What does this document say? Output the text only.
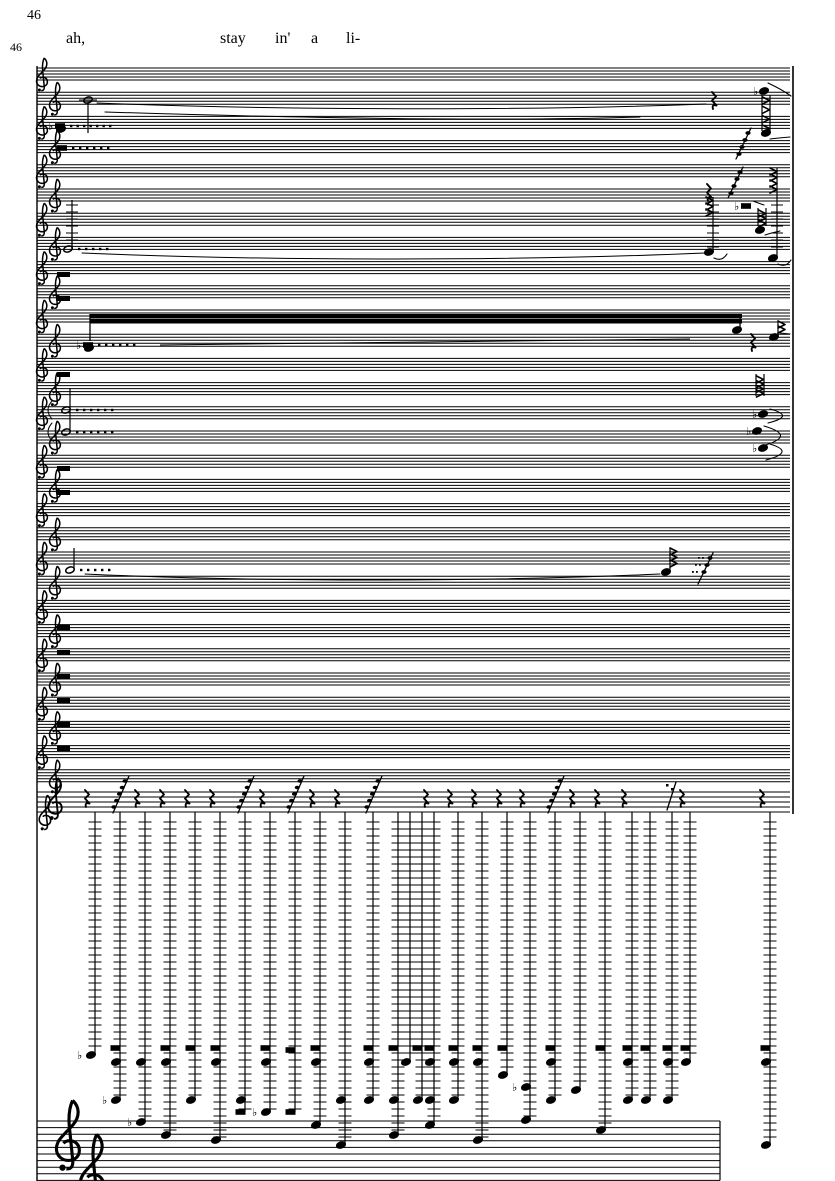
46
46	ah,	stay in' a li-
♭
♭
♭
♭
♭
♭
♭
♭
♭
♭
♭
♭
